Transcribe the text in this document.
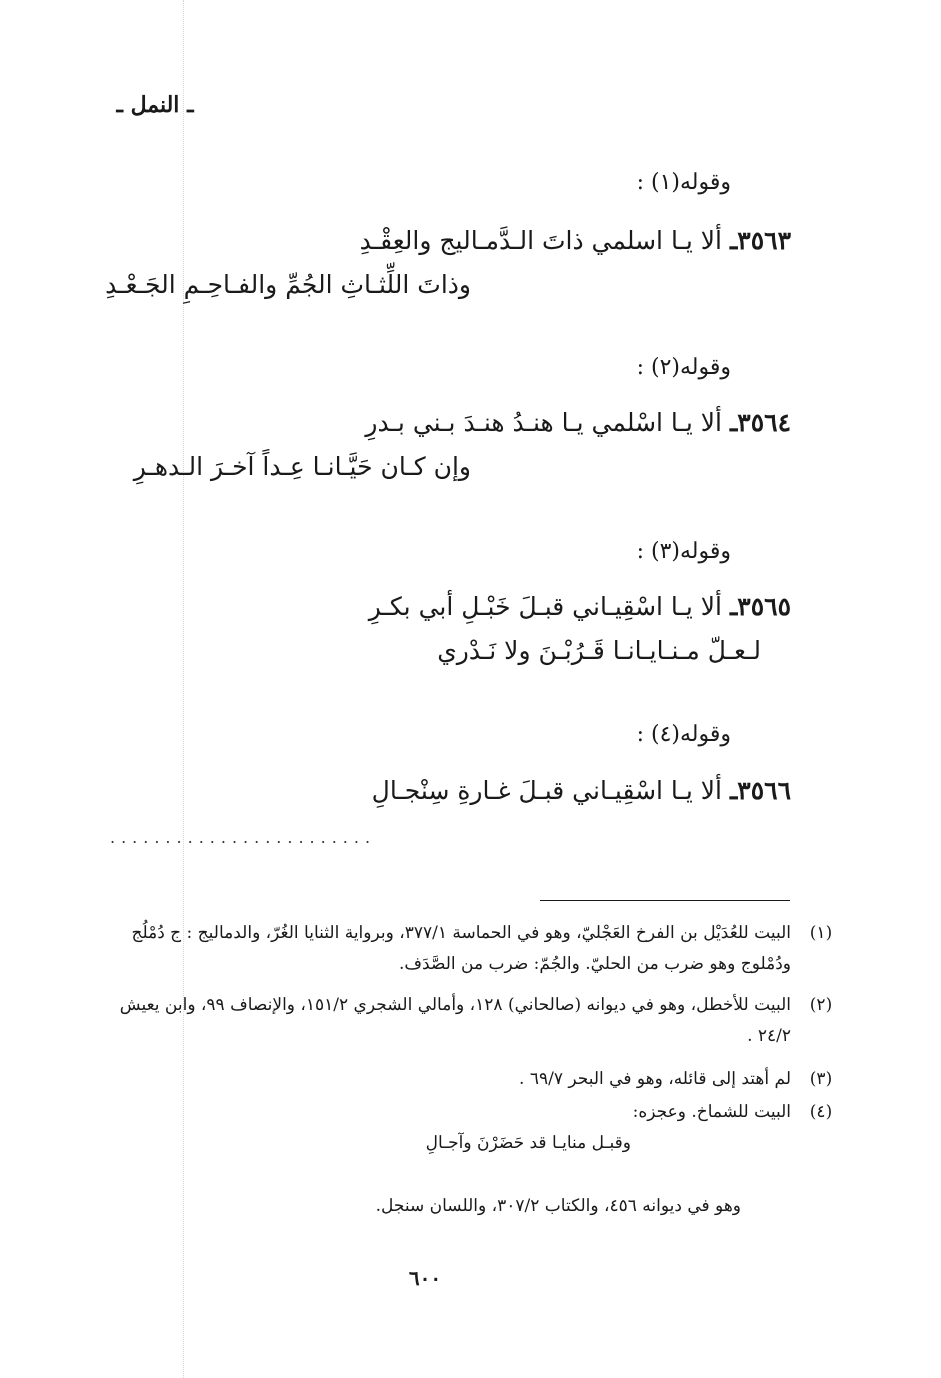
ـ النمل ـ
وقوله(١) :
٣٥٦٣ـ ألا يـا اسلمي ذاتَ الـدَّمـاليج والعِقْـدِ
وذاتَ اللِّثـاثِ الجُمِّ والفـاحِـمِ الجَـعْـدِ
وقوله(٢) :
٣٥٦٤ـ ألا يـا اسْلمي يـا هنـدُ هنـدَ بـني بـدرِ
وإن كـان حَيَّـانـا عِـداً آخـرَ الـدهـرِ
وقوله(٣) :
٣٥٦٥ـ ألا يـا اسْقِيـاني قبـلَ خَبْـلِ أبي بكـرِ
لـعـلّ مـنـايـانـا قَـرُبْـنَ ولا نَـدْري
وقوله(٤) :
٣٥٦٦ـ ألا يـا اسْقِيـاني قبـلَ غـارةِ سِنْجـالِ
........................
(١)
البيت للعُدَيْل بن الفرخ العَجْليّ، وهو في الحماسة ٣٧٧/١، وبرواية الثنايا الغُرّ، والدماليج : ج دُمْلُج ودُمْلوج وهو ضرب من الحليّ. والجُمّ: ضرب من الصَّدَف.
(٢)
البيت للأخطل، وهو في ديوانه (صالحاني) ١٢٨، وأمالي الشجري ١٥١/٢، والإنصاف ٩٩، وابن يعيش ٢٤/٢ .
(٣)
لم أهتد إلى قائله، وهو في البحر ٦٩/٧ .
(٤)
البيت للشماخ. وعجزه:
وقبـل منايـا قد حَضَرْنَ وآجـالِ
وهو في ديوانه ٤٥٦، والكتاب ٣٠٧/٢، واللسان سنجل.
٦٠٠
